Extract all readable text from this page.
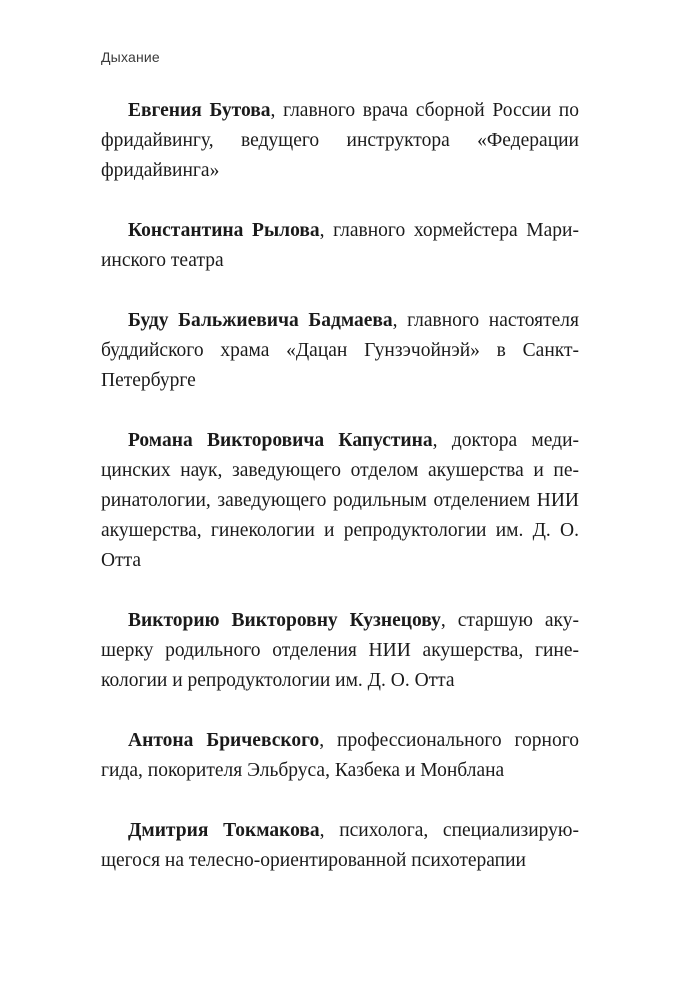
Дыхание

Евгения Бутова, главного врача сборной России по фридайвингу, ведущего инструктора «Федерации фридайвинга»

Константина Рылова, главного хормейстера Мариинского театра

Буду Бальжиевича Бадмаева, главного настоятеля буддийского храма «Дацан Гунзэчойнэй» в Санкт-Петербурге

Романа Викторовича Капустина, доктора медицинских наук, заведующего отделом акушерства и перинатологии, заведующего родильным отделением НИИ акушерства, гинекологии и репродуктологии им. Д. О. Отта

Викторию Викторовну Кузнецову, старшую акушерку родильного отделения НИИ акушерства, гинекологии и репродуктологии им. Д. О. Отта

Антона Бричевского, профессионального горного гида, покорителя Эльбруса, Казбека и Монблана

Дмитрия Токмакова, психолога, специализирующегося на телесно-ориентированной психотерапии
